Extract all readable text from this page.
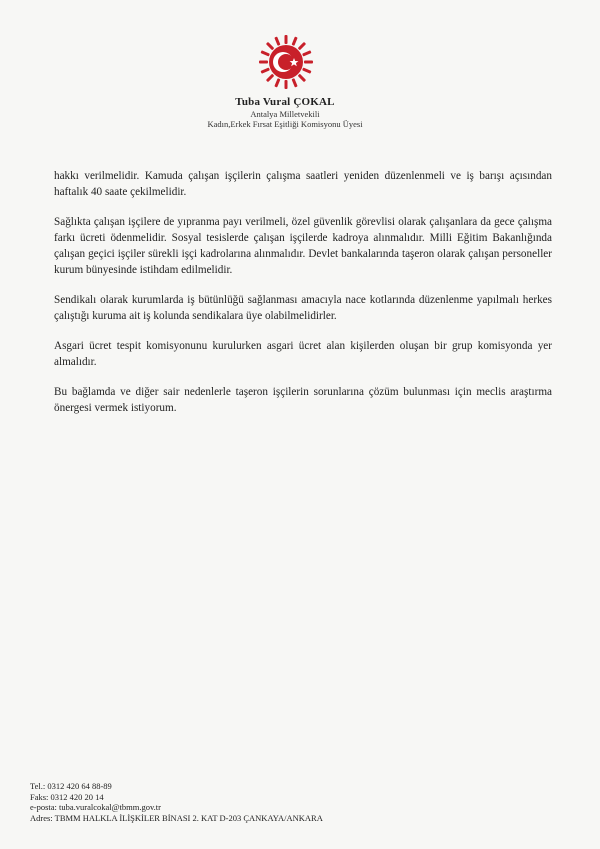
Tuba Vural ÇOKAL
Antalya Milletvekili
Kadın,Erkek Fırsat Eşitliği Komisyonu Üyesi

hakkı verilmelidir. Kamuda çalışan işçilerin çalışma saatleri yeniden düzenlenmeli ve iş barışı açısından haftalık 40 saate çekilmelidir.

Sağlıkta çalışan işçilere de yıpranma payı verilmeli, özel güvenlik görevlisi olarak çalışanlara da gece çalışma farkı ücreti ödenmelidir. Sosyal tesislerde çalışan işçilerde kadroya alınmalıdır. Milli Eğitim Bakanlığında çalışan geçici işçiler sürekli işçi kadrolarına alınmalıdır. Devlet bankalarında taşeron olarak çalışan personeller kurum bünyesinde istihdam edilmelidir.

Sendikalı olarak kurumlarda iş bütünlüğü sağlanması amacıyla nace kotlarında düzenlenme yapılmalı herkes çalıştığı kuruma ait iş kolunda sendikalara üye olabilmelidirler.

Asgari ücret tespit komisyonunu kurulurken asgari ücret alan kişilerden oluşan bir grup komisyonda yer almalıdır.

Bu bağlamda ve diğer sair nedenlerle taşeron işçilerin sorunlarına çözüm bulunması için meclis araştırma önergesi vermek istiyorum.

Tel.: 0312 420 64 88-89
Faks: 0312 420 20 14
e-posta: tuba.vuralcokal@tbmm.gov.tr
Adres: TBMM HALKLA İLİŞKİLER BİNASI 2. KAT D-203 ÇANKAYA/ANKARA
